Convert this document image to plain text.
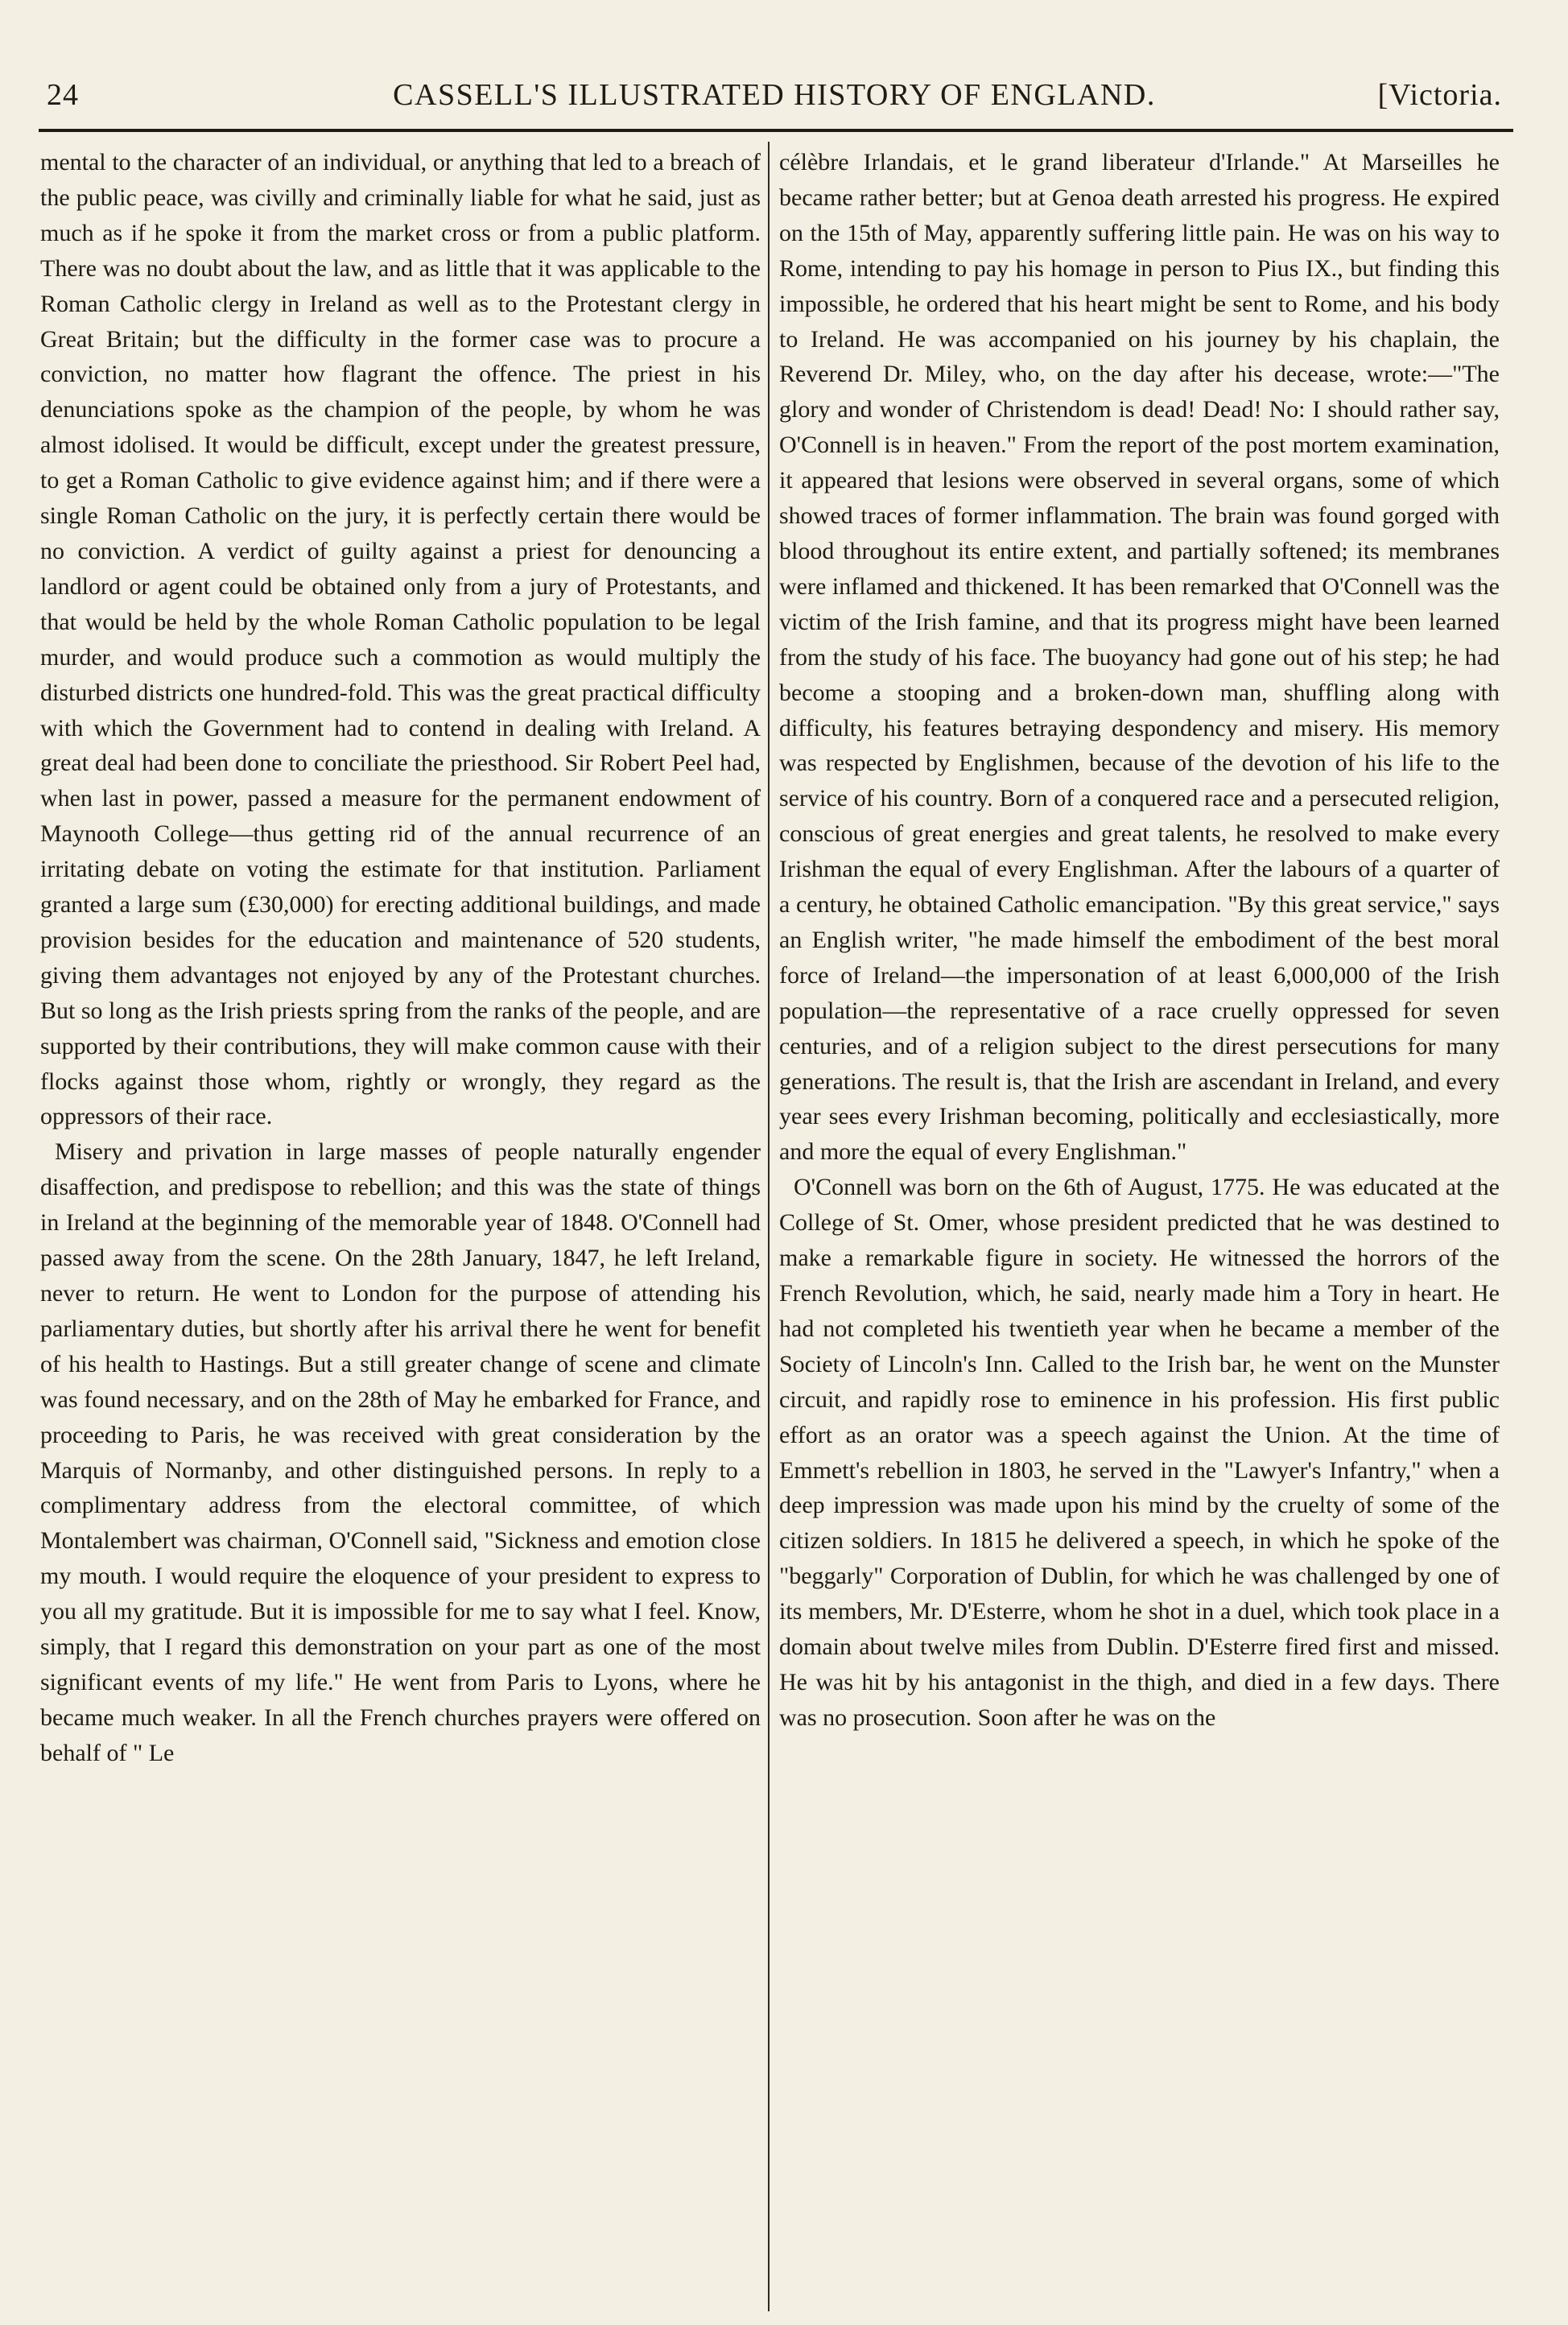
24	CASSELL'S ILLUSTRATED HISTORY OF ENGLAND.	[Victoria.

mental to the character of an individual, or anything that led to a breach of the public peace, was civilly and criminally liable for what he said, just as much as if he spoke it from the market cross or from a public platform. There was no doubt about the law, and as little that it was applicable to the Roman Catholic clergy in Ireland as well as to the Protestant clergy in Great Britain; but the difficulty in the former case was to procure a conviction, no matter how flagrant the offence. The priest in his denunciations spoke as the champion of the people, by whom he was almost idolised. It would be difficult, except under the greatest pressure, to get a Roman Catholic to give evidence against him; and if there were a single Roman Catholic on the jury, it is perfectly certain there would be no conviction. A verdict of guilty against a priest for denouncing a landlord or agent could be obtained only from a jury of Protestants, and that would be held by the whole Roman Catholic population to be legal murder, and would produce such a commotion as would multiply the disturbed districts one hundred-fold. This was the great practical difficulty with which the Government had to contend in dealing with Ireland. A great deal had been done to conciliate the priesthood. Sir Robert Peel had, when last in power, passed a measure for the permanent endowment of Maynooth College—thus getting rid of the annual recurrence of an irritating debate on voting the estimate for that institution. Parliament granted a large sum (£30,000) for erecting additional buildings, and made provision besides for the education and maintenance of 520 students, giving them advantages not enjoyed by any of the Protestant churches. But so long as the Irish priests spring from the ranks of the people, and are supported by their contributions, they will make common cause with their flocks against those whom, rightly or wrongly, they regard as the oppressors of their race.

Misery and privation in large masses of people naturally engender disaffection, and predispose to rebellion; and this was the state of things in Ireland at the beginning of the memorable year of 1848. O'Connell had passed away from the scene. On the 28th January, 1847, he left Ireland, never to return. He went to London for the purpose of attending his parliamentary duties, but shortly after his arrival there he went for benefit of his health to Hastings. But a still greater change of scene and climate was found necessary, and on the 28th of May he embarked for France, and proceeding to Paris, he was received with great consideration by the Marquis of Normanby, and other distinguished persons. In reply to a complimentary address from the electoral committee, of which Montalembert was chairman, O'Connell said, "Sickness and emotion close my mouth. I would require the eloquence of your president to express to you all my gratitude. But it is impossible for me to say what I feel. Know, simply, that I regard this demonstration on your part as one of the most significant events of my life." He went from Paris to Lyons, where he became much weaker. In all the French churches prayers were offered on behalf of " Le

célèbre Irlandais, et le grand liberateur d'Irlande." At Marseilles he became rather better; but at Genoa death arrested his progress. He expired on the 15th of May, apparently suffering little pain. He was on his way to Rome, intending to pay his homage in person to Pius IX., but finding this impossible, he ordered that his heart might be sent to Rome, and his body to Ireland. He was accompanied on his journey by his chaplain, the Reverend Dr. Miley, who, on the day after his decease, wrote:—"The glory and wonder of Christendom is dead! Dead! No: I should rather say, O'Connell is in heaven." From the report of the post mortem examination, it appeared that lesions were observed in several organs, some of which showed traces of former inflammation. The brain was found gorged with blood throughout its entire extent, and partially softened; its membranes were inflamed and thickened. It has been remarked that O'Connell was the victim of the Irish famine, and that its progress might have been learned from the study of his face. The buoyancy had gone out of his step; he had become a stooping and a broken-down man, shuffling along with difficulty, his features betraying despondency and misery. His memory was respected by Englishmen, because of the devotion of his life to the service of his country. Born of a conquered race and a persecuted religion, conscious of great energies and great talents, he resolved to make every Irishman the equal of every Englishman. After the labours of a quarter of a century, he obtained Catholic emancipation. "By this great service," says an English writer, "he made himself the embodiment of the best moral force of Ireland—the impersonation of at least 6,000,000 of the Irish population—the representative of a race cruelly oppressed for seven centuries, and of a religion subject to the direst persecutions for many generations. The result is, that the Irish are ascendant in Ireland, and every year sees every Irishman becoming, politically and ecclesiastically, more and more the equal of every Englishman."

O'Connell was born on the 6th of August, 1775. He was educated at the College of St. Omer, whose president predicted that he was destined to make a remarkable figure in society. He witnessed the horrors of the French Revolution, which, he said, nearly made him a Tory in heart. He had not completed his twentieth year when he became a member of the Society of Lincoln's Inn. Called to the Irish bar, he went on the Munster circuit, and rapidly rose to eminence in his profession. His first public effort as an orator was a speech against the Union. At the time of Emmett's rebellion in 1803, he served in the "Lawyer's Infantry," when a deep impression was made upon his mind by the cruelty of some of the citizen soldiers. In 1815 he delivered a speech, in which he spoke of the "beggarly" Corporation of Dublin, for which he was challenged by one of its members, Mr. D'Esterre, whom he shot in a duel, which took place in a domain about twelve miles from Dublin. D'Esterre fired first and missed. He was hit by his antagonist in the thigh, and died in a few days. There was no prosecution. Soon after he was on the
